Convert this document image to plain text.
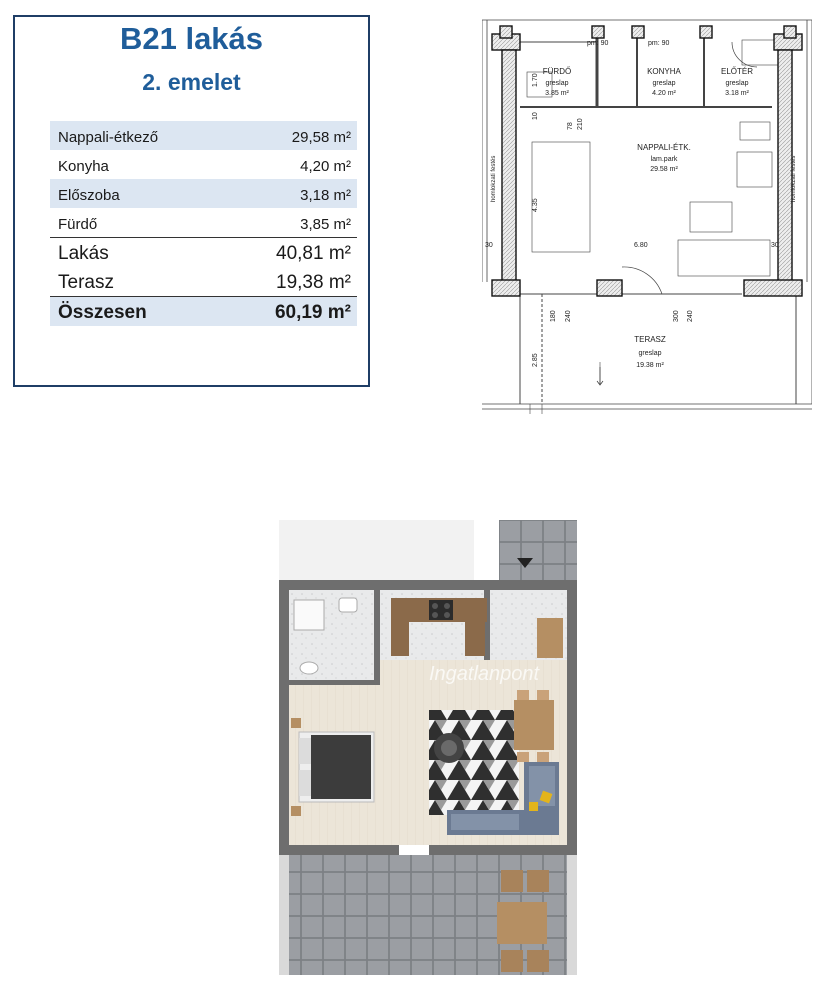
B21 lakás
2. emelet
Nappali-étkező	29,58 m²
Konyha	4,20 m²
Előszoba	3,18 m²
Fürdő	3,85 m²
Lakás	40,81 m²
Terasz	19,38 m²
Összesen	60,19 m²
FÜRDŐ
greslap
3.85 m²
KONYHA
greslap
4.20 m²
ELŐTÉR
greslap
3.18 m²
NAPPALI-ÉTK.
lam.park
29.58 m²
TERASZ
greslap
19.38 m²
pm: 90	pm: 90
1.70
4.35
6.80
2.85
180 240	300 240
30	30
78 210
10
homlokzati festés	homlokzati festés
Ingatlanpont
